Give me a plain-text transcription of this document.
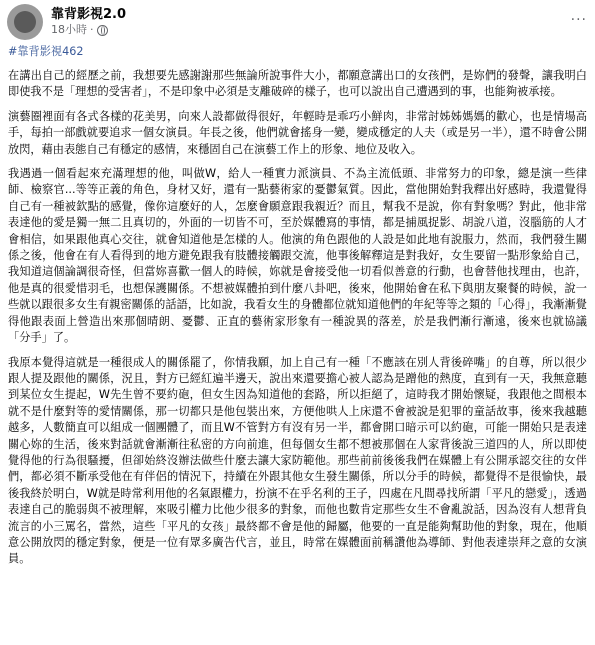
靠背影視2.0
18小時 ·
···

#靠背影視462

在講出自己的經歷之前，我想要先感謝謝那些無論所說事件大小，都願意講出口的女孩們，是妳們的發聲，讓我明白即使我不是「理想的受害者」，不是印象中必須是支離破碎的樣子，也可以說出自己遭遇到的事，也能夠被承接。

演藝圈裡面有各式各樣的花美男，向來人設都做得很好，年輕時是乖巧小鮮肉，非常討姊姊媽媽的歡心，也是情場高手，每拍一部戲就要追求一個女演員。年長之後，他們就會搖身一變，變成穩定的人夫（或是另一半），還不時會公開放閃，藉由表態自己有穩定的感情，來穩固自己在演藝工作上的形象、地位及收入。

我遇過一個看起來充滿理想的他，叫做W，給人一種實力派演員、不為主流低頭、非常努力的印象，總是演一些律師、檢察官...等等正義的角色，身材又好，還有一點藝術家的憂鬱氣質。因此，當他開始對我釋出好感時，我還覺得自己有一種被欽點的感覺，像你這麼好的人，怎麼會願意跟我親近？而且，幫我不是說，你有對象嗎？對此，他非常表達他的愛是獨一無二且真切的，外面的一切皆不可，至於媒體寫的事情，都是捕風捉影、胡說八道，沒腦筋的人才會相信，如果跟他真心交往，就會知道他是怎樣的人。他演的角色跟他的人設是如此地有說服力，然而，我們發生關係之後，他會在有人看得到的地方避免跟我有肢體接觸跟交流，他事後解釋這是對我好，女生要留一點形象給自己，我知道這個論調很奇怪，但當妳喜歡一個人的時候，妳就是會接受他一切看似善意的行動，也會替他找理由，也許，他是真的很愛惜羽毛，也想保護關係。不想被媒體拍到什麼八卦吧，後來，他開始會在私下與朋友聚餐的時候，說一些就以跟很多女生有親密關係的話語，比如說，我看女生的身體都位就知道他們的年紀等等之類的「心得」，我漸漸覺得他跟表面上營造出來那個晴朗、憂鬱、正直的藝術家形象有一種說異的落差，於是我們漸行漸遠，後來也就協議「分手」了。

我原本覺得這就是一種很成人的關係罷了，你情我願，加上自己有一種「不應該在別人背後碎嘴」的自尊，所以很少跟人提及跟他的關係，況且，對方已經紅遍半邊天，說出來還要擔心被人認為是蹭他的熱度，直到有一天，我無意聽到某位女生提起，W先生曾不要約砲，但女生因為知道他的套路，所以拒絕了，這時我才開始懷疑，我跟他之間根本就不是什麼對等的愛情關係，那一切都只是他包裝出來，方便他哄人上床還不會被說是犯罪的童話故事，後來我越聽越多，人數簡直可以組成一個團體了，而且W不管對方有沒有另一半，都會開口暗示可以約砲，可能一開始只是表達關心妳的生活，後來對話就會漸漸往私密的方向前進，但每個女生都不想被那個在人家背後說三道四的人，所以即使覺得他的行為很騷擾，但卻始終沒辦法做些什麼去讓大家防範他。那些前前後後我們在媒體上有公開承認交往的女伴們，都必須不斷承受他在有伴侶的情況下，持續在外跟其他女生發生關係，所以分手的時候，都覺得不是很愉快，最後我終於明白，W就是時常利用他的名氣跟權力，扮演不在乎名利的王子，四處在凡間尋找所謂「平凡的戀愛」，透過表達自己的脆弱與不被理解，來吸引權力比他少很多的對象，而他也數肯定那些女生不會亂說話，因為沒有人想背負流言的小三罵名，當然，這些「平凡的女孩」最終都不會是他的歸屬，他要的一直是能夠幫助他的對象，現在，他順意公開放閃的穩定對象，便是一位有眾多廣告代言，並且，時常在媒體面前稱讚他為導師、對他表達崇拜之意的女演員。
